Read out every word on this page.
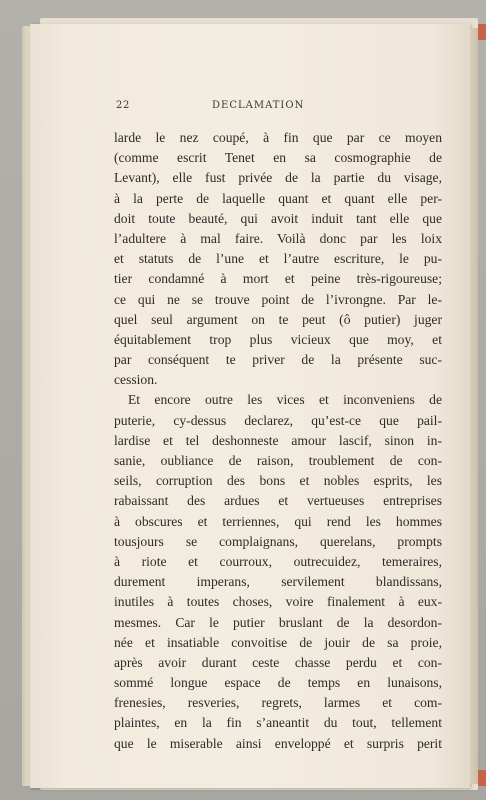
22	DECLAMATION
larde le nez coupé, à fin que par ce moyen
(comme escrit Tenet en sa cosmographie de
Levant), elle fust privée de la partie du visage,
à la perte de laquelle quant et quant elle per-
doit toute beauté, qui avoit induit tant elle que
l’adultere à mal faire. Voilà donc par les loix
et statuts de l’une et l’autre escriture, le pu-
tier condamné à mort et peine très-rigoureuse;
ce qui ne se trouve point de l’ivrongne. Par le-
quel seul argument on te peut (ô putier) juger
équitablement trop plus vicieux que moy, et
par conséquent te priver de la présente suc-
cession.
Et encore outre les vices et inconveniens de
puterie, cy-dessus declarez, qu’est-ce que pail-
lardise et tel deshonneste amour lascif, sinon in-
sanie, oubliance de raison, troublement de con-
seils, corruption des bons et nobles esprits, les
rabaissant des ardues et vertueuses entreprises
à obscures et terriennes, qui rend les hommes
tousjours se complaignans, querelans, prompts
à riote et courroux, outrecuidez, temeraires,
durement imperans, servilement blandissans,
inutiles à toutes choses, voire finalement à eux-
mesmes. Car le putier bruslant de la desordon-
née et insatiable convoitise de jouir de sa proie,
après avoir durant ceste chasse perdu et con-
sommé longue espace de temps en lunaisons,
frenesies, resveries, regrets, larmes et com-
plaintes, en la fin s’aneantit du tout, tellement
que le miserable ainsi enveloppé et surpris perit
